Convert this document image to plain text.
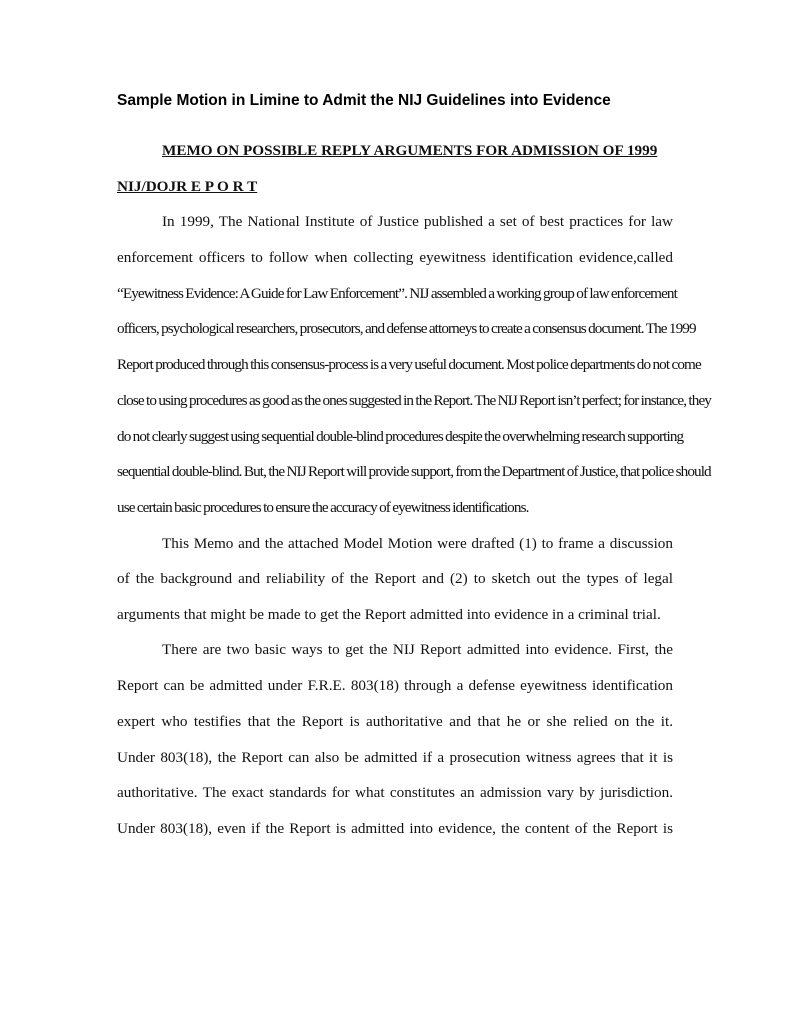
Sample Motion in Limine to Admit the NIJ Guidelines into Evidence

MEMO ON POSSIBLE REPLY ARGUMENTS FOR ADMISSION OF 1999

NIJ/DOJR E P O R T

In 1999, The National Institute of Justice published a set of best practices for law

enforcement officers to follow when collecting eyewitness identification evidence,called

“Eyewitness Evidence: A Guide for Law Enforcement”. NIJ assembled a working group of law enforcement

officers, psychological researchers, prosecutors, and defense attorneys to create a consensus document. The 1999

Report produced through this consensus-process is a very useful document. Most police departments do not come

close to using procedures as good as the ones suggested in the Report. The NIJ Report isn’t perfect; for instance, they

do not clearly suggest using sequential double-blind procedures despite the overwhelming research supporting

sequential double-blind. But, the NIJ Report will provide support, from the Department of Justice, that police should

use certain basic procedures to ensure the accuracy of eyewitness identifications.

This Memo and the attached Model Motion were drafted (1) to frame a discussion

of the background and reliability of the Report and (2) to sketch out the types of legal

arguments that might be made to get the Report admitted into evidence in a criminal trial.

There are two basic ways to get the NIJ Report admitted into evidence. First, the

Report can be admitted under F.R.E. 803(18) through a defense eyewitness identification

expert who testifies that the Report is authoritative and that he or she relied on the it.

Under 803(18), the Report can also be admitted if a prosecution witness agrees that it is

authoritative. The exact standards for what constitutes an admission vary by jurisdiction.

Under 803(18), even if the Report is admitted into evidence, the content of the Report is
